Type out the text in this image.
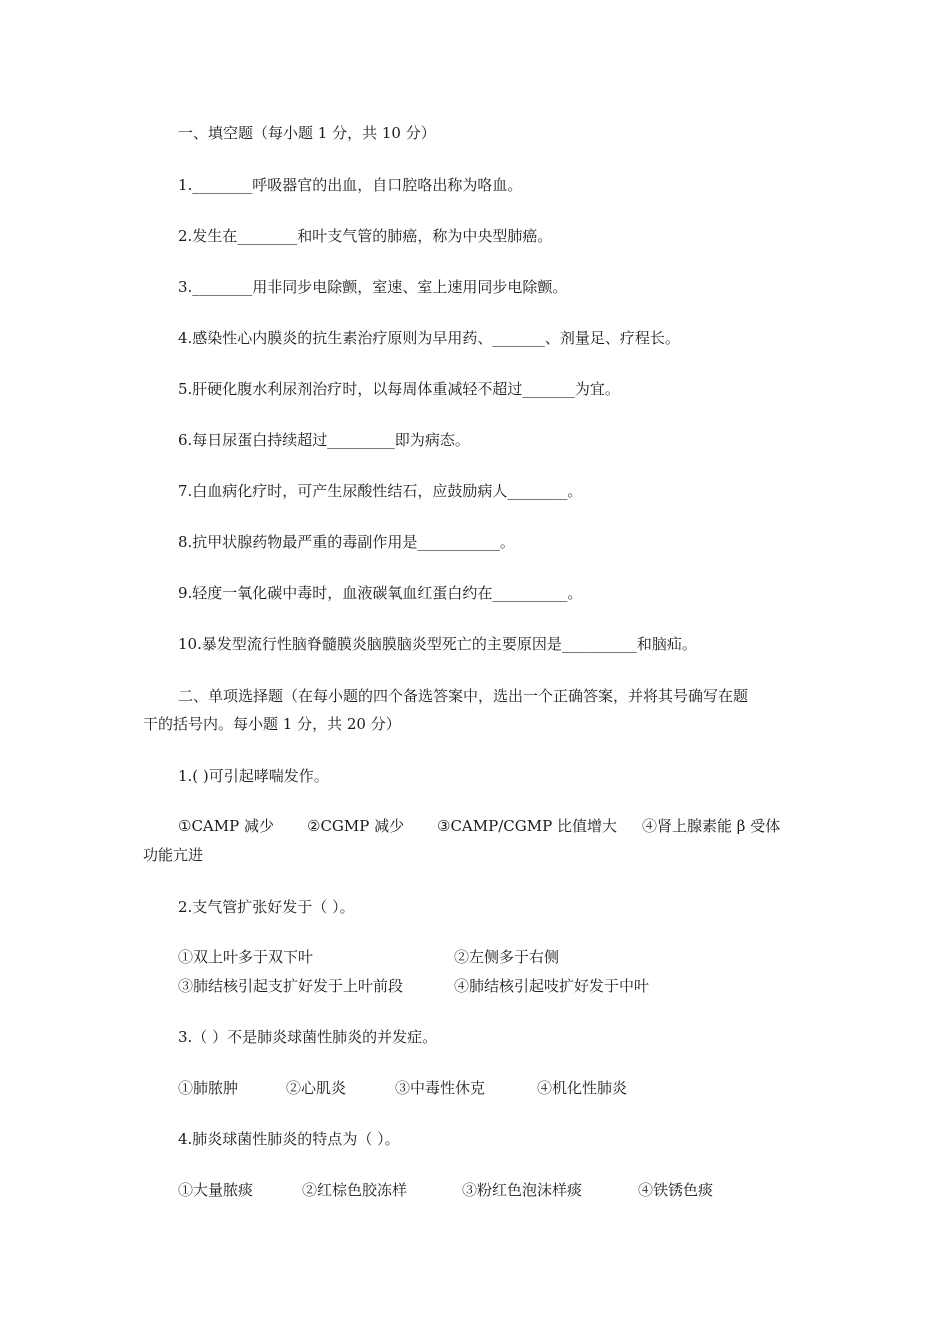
一、填空题（每小题 1 分，共 10 分）
1.________呼吸器官的出血，自口腔咯出称为咯血。
2.发生在________和叶支气管的肺癌，称为中央型肺癌。
3.________用非同步电除颤，室速、室上速用同步电除颤。
4.感染性心内膜炎的抗生素治疗原则为早用药、_______、剂量足、疗程长。
5.肝硬化腹水利尿剂治疗时，以每周体重减轻不超过_______为宜。
6.每日尿蛋白持续超过_________即为病态。
7.白血病化疗时，可产生尿酸性结石，应鼓励病人________。
8.抗甲状腺药物最严重的毒副作用是___________。
9.轻度一氧化碳中毒时，血液碳氧血红蛋白约在__________。
10.暴发型流行性脑脊髓膜炎脑膜脑炎型死亡的主要原因是__________和脑疝。
二、单项选择题（在每小题的四个备选答案中，选出一个正确答案，并将其号确写在题
干的括号内。每小题 1 分，共 20 分）
1.( )可引起哮喘发作。
①CAMP 减少 ②CGMP 减少 ③CAMP/CGMP 比值增大 ④肾上腺素能 β 受体
功能亢进
2.支气管扩张好发于（ ）。
①双上叶多于双下叶	②左侧多于右侧
③肺结核引起支扩好发于上叶前段	④肺结核引起吱扩好发于中叶
3.（ ）不是肺炎球菌性肺炎的并发症。
①肺脓肿	②心肌炎	③中毒性休克	④机化性肺炎
4.肺炎球菌性肺炎的特点为（ ）。
①大量脓痰	②红棕色胶冻样	③粉红色泡沫样痰	④铁锈色痰
